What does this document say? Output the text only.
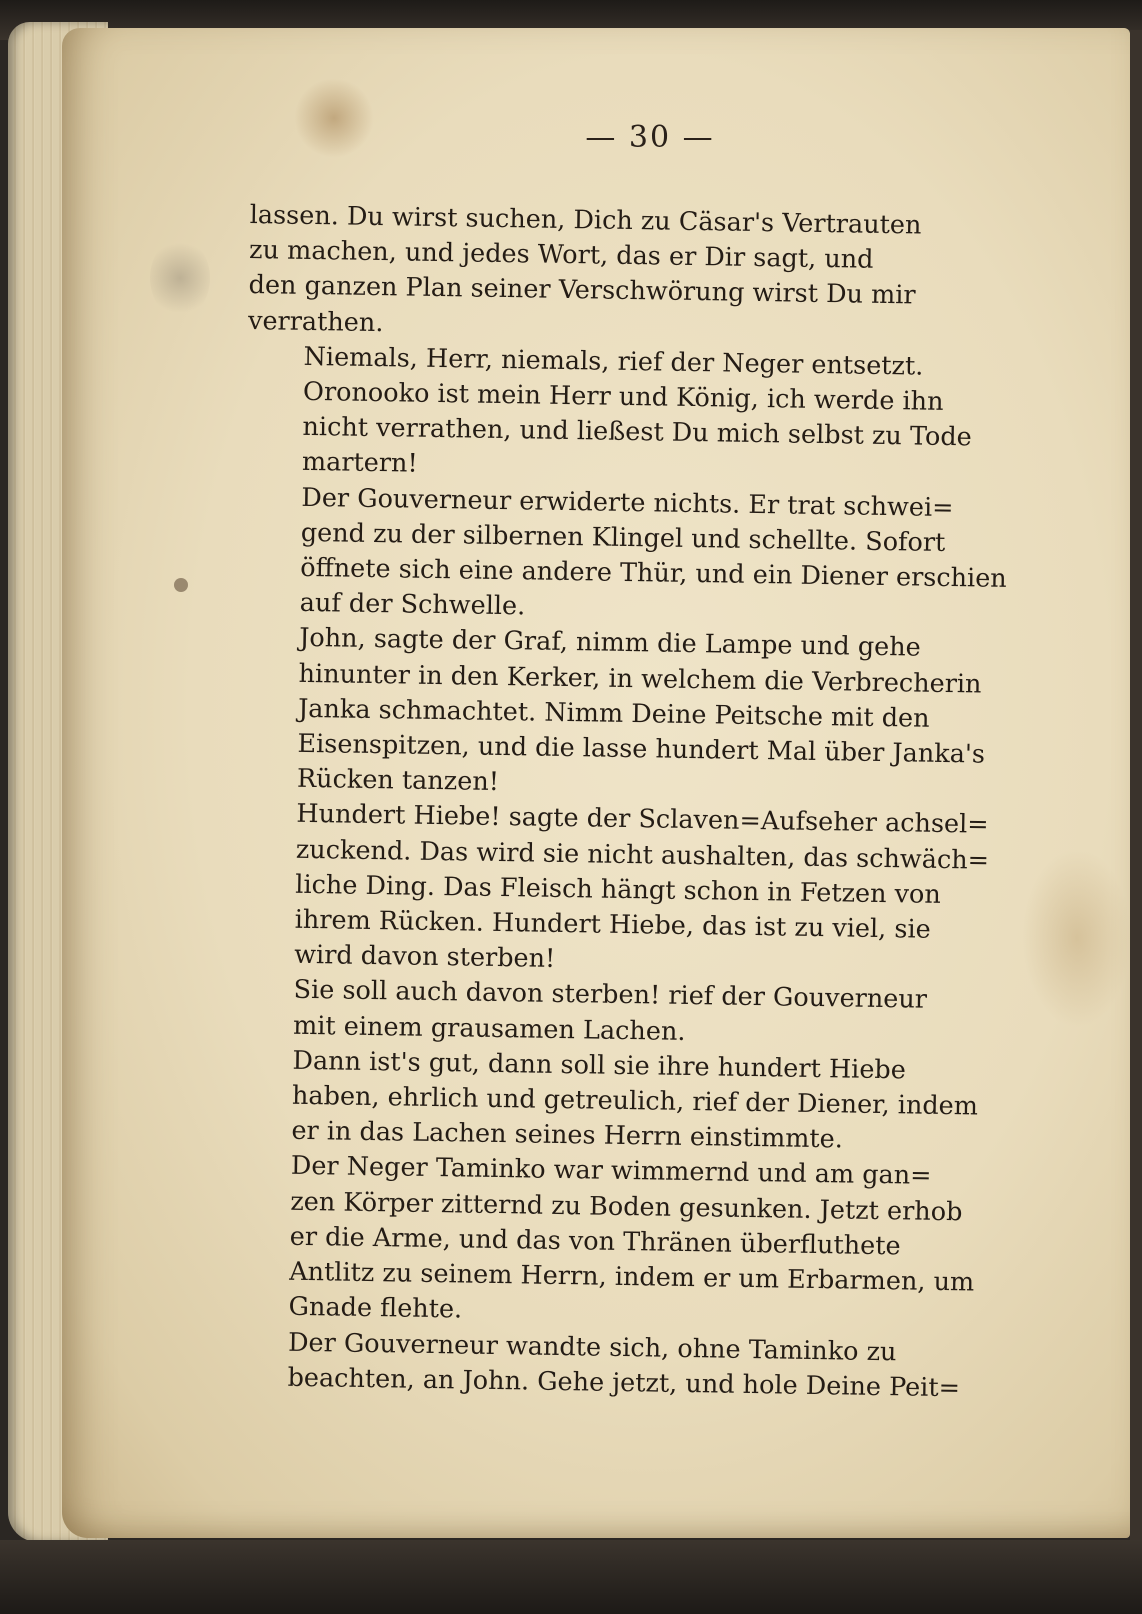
— 30 —

lassen. Du wirst suchen, Dich zu Cäsar's Vertrauten
zu machen, und jedes Wort, das er Dir sagt, und
den ganzen Plan seiner Verschwörung wirst Du mir
verrathen.

Niemals, Herr, niemals, rief der Neger entsetzt.
Oronooko ist mein Herr und König, ich werde ihn
nicht verrathen, und ließest Du mich selbst zu Tode
martern!

Der Gouverneur erwiderte nichts. Er trat schwei=
gend zu der silbernen Klingel und schellte. Sofort
öffnete sich eine andere Thür, und ein Diener erschien
auf der Schwelle.

John, sagte der Graf, nimm die Lampe und gehe
hinunter in den Kerker, in welchem die Verbrecherin
Janka schmachtet. Nimm Deine Peitsche mit den
Eisenspitzen, und die lasse hundert Mal über Janka's
Rücken tanzen!

Hundert Hiebe! sagte der Sclaven=Aufseher achsel=
zuckend. Das wird sie nicht aushalten, das schwäch=
liche Ding. Das Fleisch hängt schon in Fetzen von
ihrem Rücken. Hundert Hiebe, das ist zu viel, sie
wird davon sterben!

Sie soll auch davon sterben! rief der Gouverneur
mit einem grausamen Lachen.

Dann ist's gut, dann soll sie ihre hundert Hiebe
haben, ehrlich und getreulich, rief der Diener, indem
er in das Lachen seines Herrn einstimmte.

Der Neger Taminko war wimmernd und am gan=
zen Körper zitternd zu Boden gesunken. Jetzt erhob
er die Arme, und das von Thränen überfluthete
Antlitz zu seinem Herrn, indem er um Erbarmen, um
Gnade flehte.

Der Gouverneur wandte sich, ohne Taminko zu
beachten, an John. Gehe jetzt, und hole Deine Peit=
